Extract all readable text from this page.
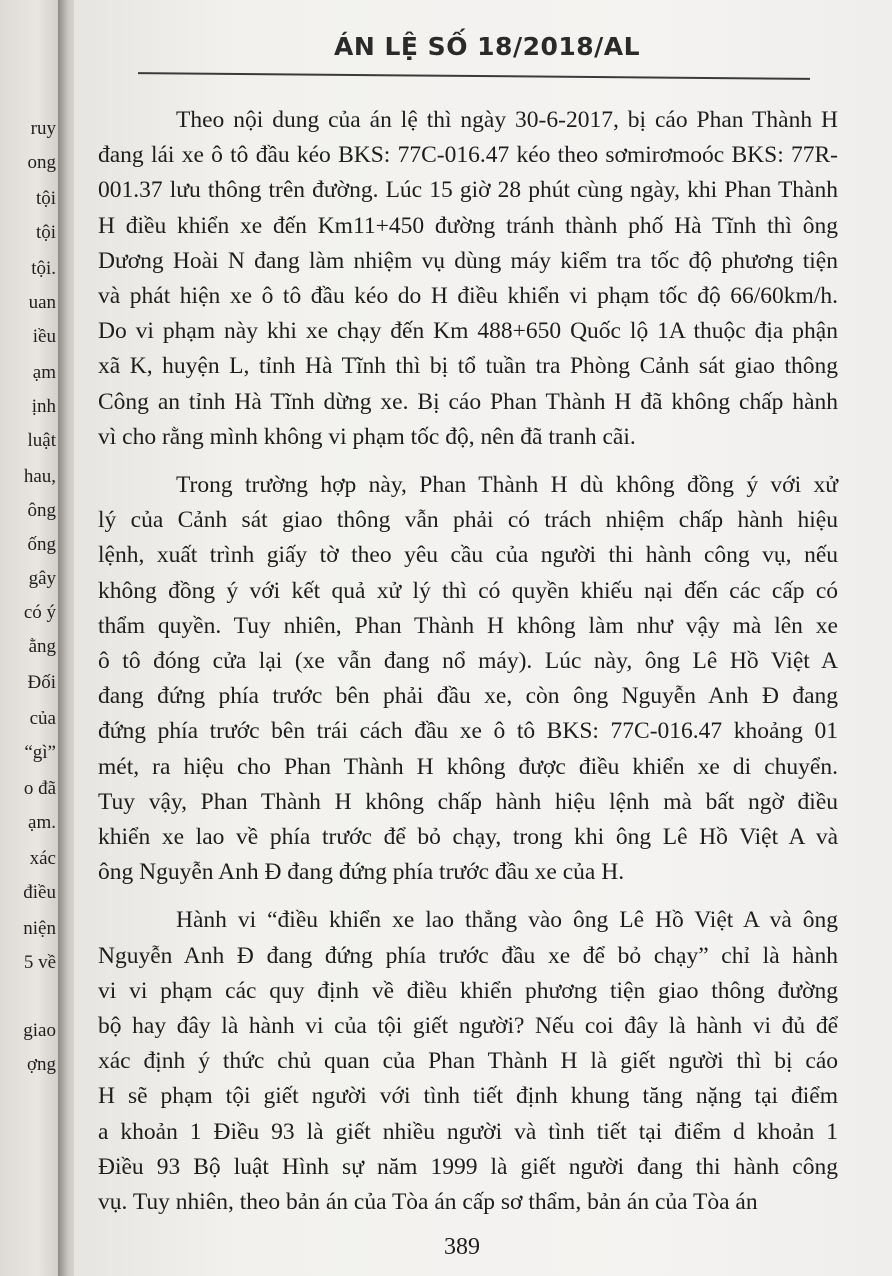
ruy
ong
tội
tội
tội.
uan
iều
ạm
ịnh
luật
hau,
ông
ống
gây
có ý
ằng
Đối
của
“gì”
o đã
ạm.
xác
điều
niện
5 về
giao
ợng
ÁN LỆ SỐ 18/2018/AL
Theo nội dung của án lệ thì ngày 30-6-2017, bị cáo Phan Thành H
đang lái xe ô tô đầu kéo BKS: 77C-016.47 kéo theo sơmirơmoóc BKS: 77R-
001.37 lưu thông trên đường. Lúc 15 giờ 28 phút cùng ngày, khi Phan Thành
H điều khiển xe đến Km11+450 đường tránh thành phố Hà Tĩnh thì ông
Dương Hoài N đang làm nhiệm vụ dùng máy kiểm tra tốc độ phương tiện
và phát hiện xe ô tô đầu kéo do H điều khiển vi phạm tốc độ 66/60km/h.
Do vi phạm này khi xe chạy đến Km 488+650 Quốc lộ 1A thuộc địa phận
xã K, huyện L, tỉnh Hà Tĩnh thì bị tổ tuần tra Phòng Cảnh sát giao thông
Công an tỉnh Hà Tĩnh dừng xe. Bị cáo Phan Thành H đã không chấp hành
vì cho rằng mình không vi phạm tốc độ, nên đã tranh cãi.
Trong trường hợp này, Phan Thành H dù không đồng ý với xử
lý của Cảnh sát giao thông vẫn phải có trách nhiệm chấp hành hiệu
lệnh, xuất trình giấy tờ theo yêu cầu của người thi hành công vụ, nếu
không đồng ý với kết quả xử lý thì có quyền khiếu nại đến các cấp có
thẩm quyền. Tuy nhiên, Phan Thành H không làm như vậy mà lên xe
ô tô đóng cửa lại (xe vẫn đang nổ máy). Lúc này, ông Lê Hồ Việt A
đang đứng phía trước bên phải đầu xe, còn ông Nguyễn Anh Đ đang
đứng phía trước bên trái cách đầu xe ô tô BKS: 77C-016.47 khoảng 01
mét, ra hiệu cho Phan Thành H không được điều khiển xe di chuyển.
Tuy vậy, Phan Thành H không chấp hành hiệu lệnh mà bất ngờ điều
khiển xe lao về phía trước để bỏ chạy, trong khi ông Lê Hồ Việt A và
ông Nguyễn Anh Đ đang đứng phía trước đầu xe của H.
Hành vi “điều khiển xe lao thẳng vào ông Lê Hồ Việt A và ông
Nguyễn Anh Đ đang đứng phía trước đầu xe để bỏ chạy” chỉ là hành
vi vi phạm các quy định về điều khiển phương tiện giao thông đường
bộ hay đây là hành vi của tội giết người? Nếu coi đây là hành vi đủ để
xác định ý thức chủ quan của Phan Thành H là giết người thì bị cáo
H sẽ phạm tội giết người với tình tiết định khung tăng nặng tại điểm
a khoản 1 Điều 93 là giết nhiều người và tình tiết tại điểm d khoản 1
Điều 93 Bộ luật Hình sự năm 1999 là giết người đang thi hành công
vụ. Tuy nhiên, theo bản án của Tòa án cấp sơ thẩm, bản án của Tòa án
389
